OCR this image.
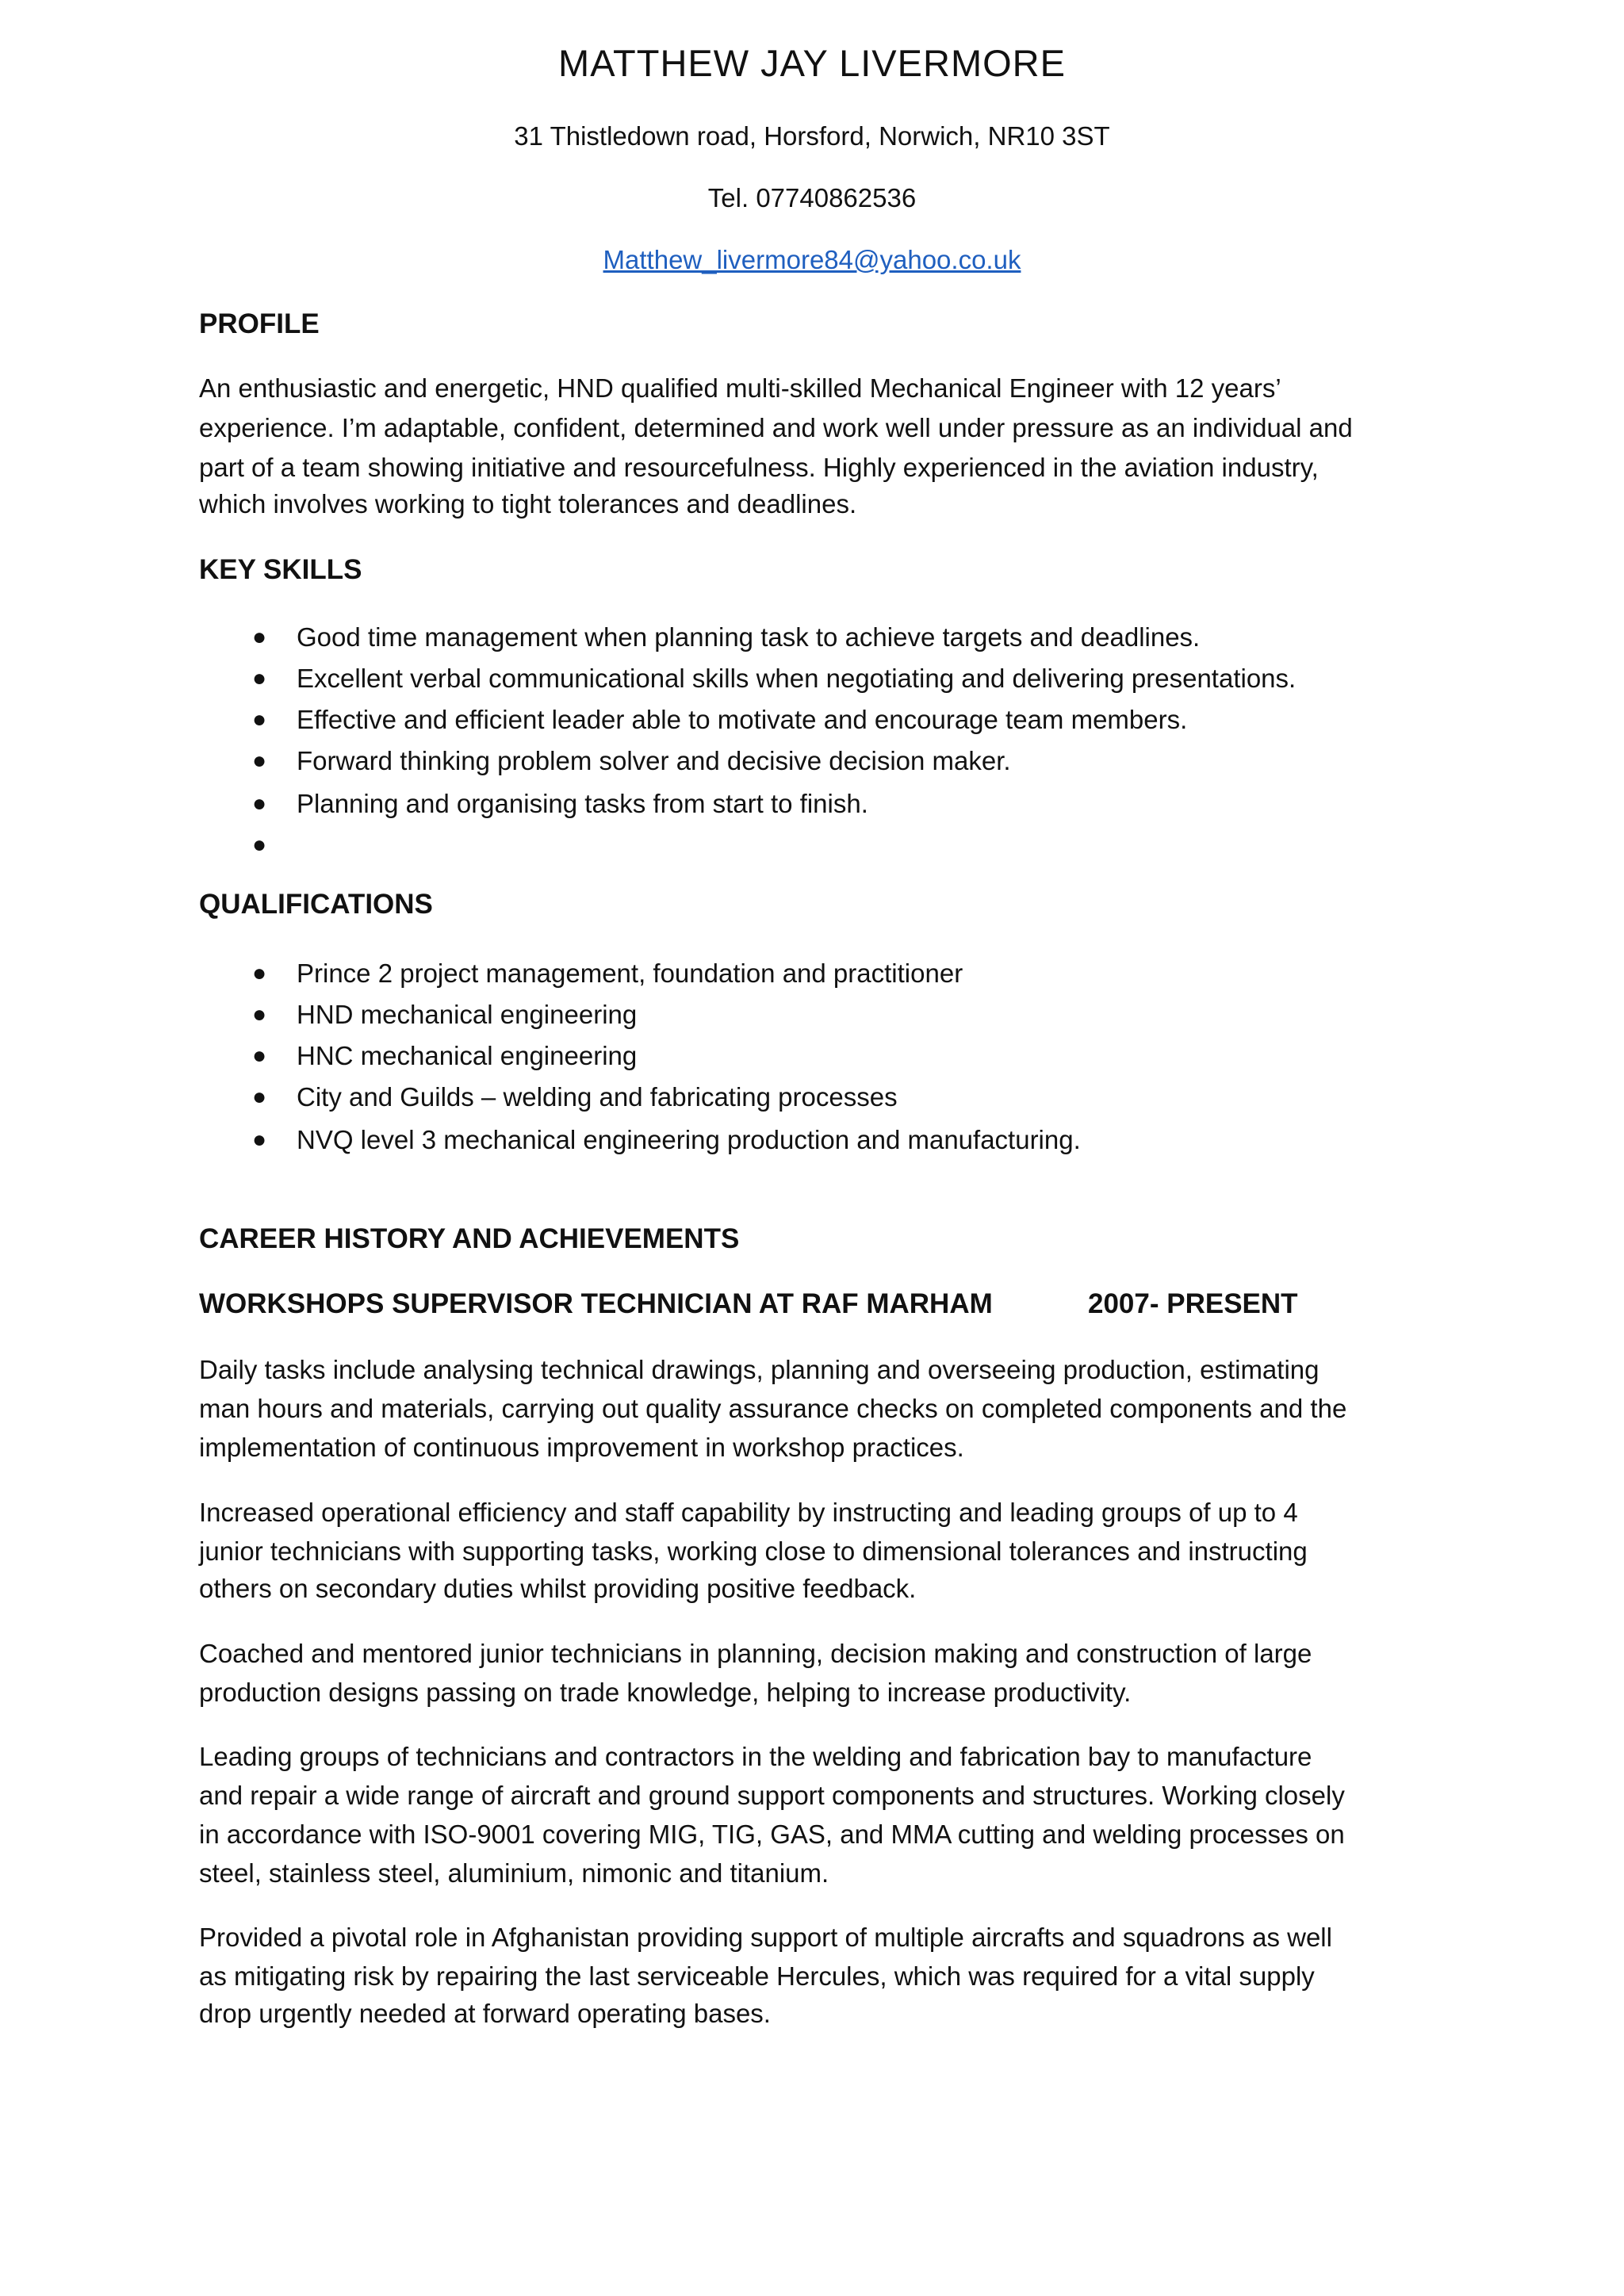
MATTHEW JAY LIVERMORE

31 Thistledown road, Horsford, Norwich, NR10 3ST

Tel. 07740862536

Matthew_livermore84@yahoo.co.uk

PROFILE

An enthusiastic and energetic, HND qualified multi-skilled Mechanical Engineer with 12 years’

experience. I’m adaptable, confident, determined and work well under pressure as an individual and

part of a team showing initiative and resourcefulness. Highly experienced in the aviation industry,

which involves working to tight tolerances and deadlines.

KEY SKILLS
● Good time management when planning task to achieve targets and deadlines.

● Excellent verbal communicational skills when negotiating and delivering presentations.

● Effective and efficient leader able to motivate and encourage team members.

● Forward thinking problem solver and decisive decision maker.

● Planning and organising tasks from start to finish.

●

QUALIFICATIONS
● Prince 2 project management, foundation and practitioner

● HND mechanical engineering

● HNC mechanical engineering

● City and Guilds – welding and fabricating processes

● NVQ level 3 mechanical engineering production and manufacturing.

CAREER HISTORY AND ACHIEVEMENTS
WORKSHOPS SUPERVISOR TECHNICIAN AT RAF MARHAM	2007- PRESENT

Daily tasks include analysing technical drawings, planning and overseeing production, estimating

man hours and materials, carrying out quality assurance checks on completed components and the

implementation of continuous improvement in workshop practices.

Increased operational efficiency and staff capability by instructing and leading groups of up to 4

junior technicians with supporting tasks, working close to dimensional tolerances and instructing

others on secondary duties whilst providing positive feedback.

Coached and mentored junior technicians in planning, decision making and construction of large

production designs passing on trade knowledge, helping to increase productivity.

Leading groups of technicians and contractors in the welding and fabrication bay to manufacture

and repair a wide range of aircraft and ground support components and structures. Working closely

in accordance with ISO-9001 covering MIG, TIG, GAS, and MMA cutting and welding processes on

steel, stainless steel, aluminium, nimonic and titanium.

Provided a pivotal role in Afghanistan providing support of multiple aircrafts and squadrons as well

as mitigating risk by repairing the last serviceable Hercules, which was required for a vital supply

drop urgently needed at forward operating bases.
